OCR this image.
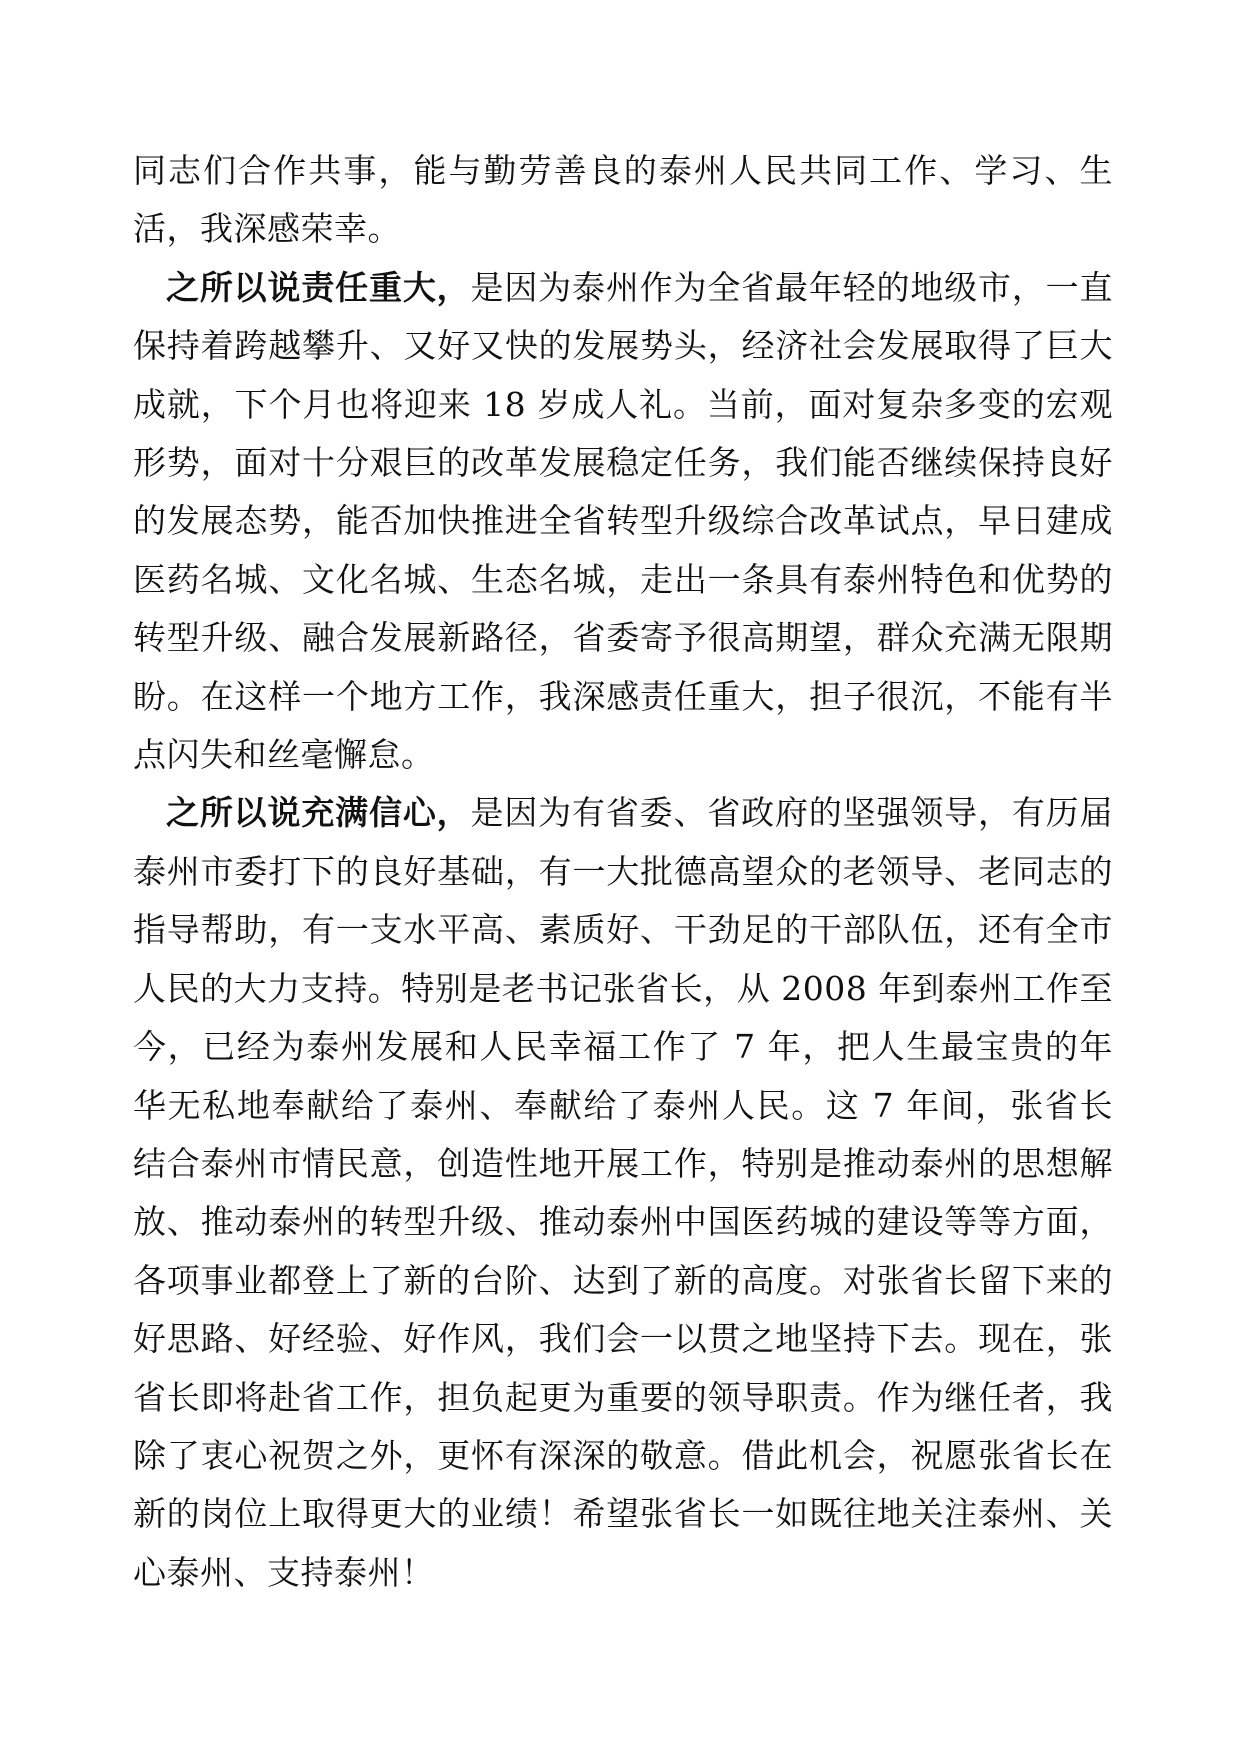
同志们合作共事，能与勤劳善良的泰州人民共同工作、学习、生活，我深感荣幸。

之所以说责任重大，是因为泰州作为全省最年轻的地级市，一直保持着跨越攀升、又好又快的发展势头，经济社会发展取得了巨大成就，下个月也将迎来 18 岁成人礼。当前，面对复杂多变的宏观形势，面对十分艰巨的改革发展稳定任务，我们能否继续保持良好的发展态势，能否加快推进全省转型升级综合改革试点，早日建成医药名城、文化名城、生态名城，走出一条具有泰州特色和优势的转型升级、融合发展新路径，省委寄予很高期望，群众充满无限期盼。在这样一个地方工作，我深感责任重大，担子很沉，不能有半点闪失和丝毫懈怠。

之所以说充满信心，是因为有省委、省政府的坚强领导，有历届泰州市委打下的良好基础，有一大批德高望众的老领导、老同志的指导帮助，有一支水平高、素质好、干劲足的干部队伍，还有全市人民的大力支持。特别是老书记张省长，从 2008 年到泰州工作至今，已经为泰州发展和人民幸福工作了 7 年，把人生最宝贵的年华无私地奉献给了泰州、奉献给了泰州人民。这 7 年间，张省长结合泰州市情民意，创造性地开展工作，特别是推动泰州的思想解放、推动泰州的转型升级、推动泰州中国医药城的建设等等方面，各项事业都登上了新的台阶、达到了新的高度。对张省长留下来的好思路、好经验、好作风，我们会一以贯之地坚持下去。现在，张省长即将赴省工作，担负起更为重要的领导职责。作为继任者，我除了衷心祝贺之外，更怀有深深的敬意。借此机会，祝愿张省长在新的岗位上取得更大的业绩！希望张省长一如既往地关注泰州、关心泰州、支持泰州！
